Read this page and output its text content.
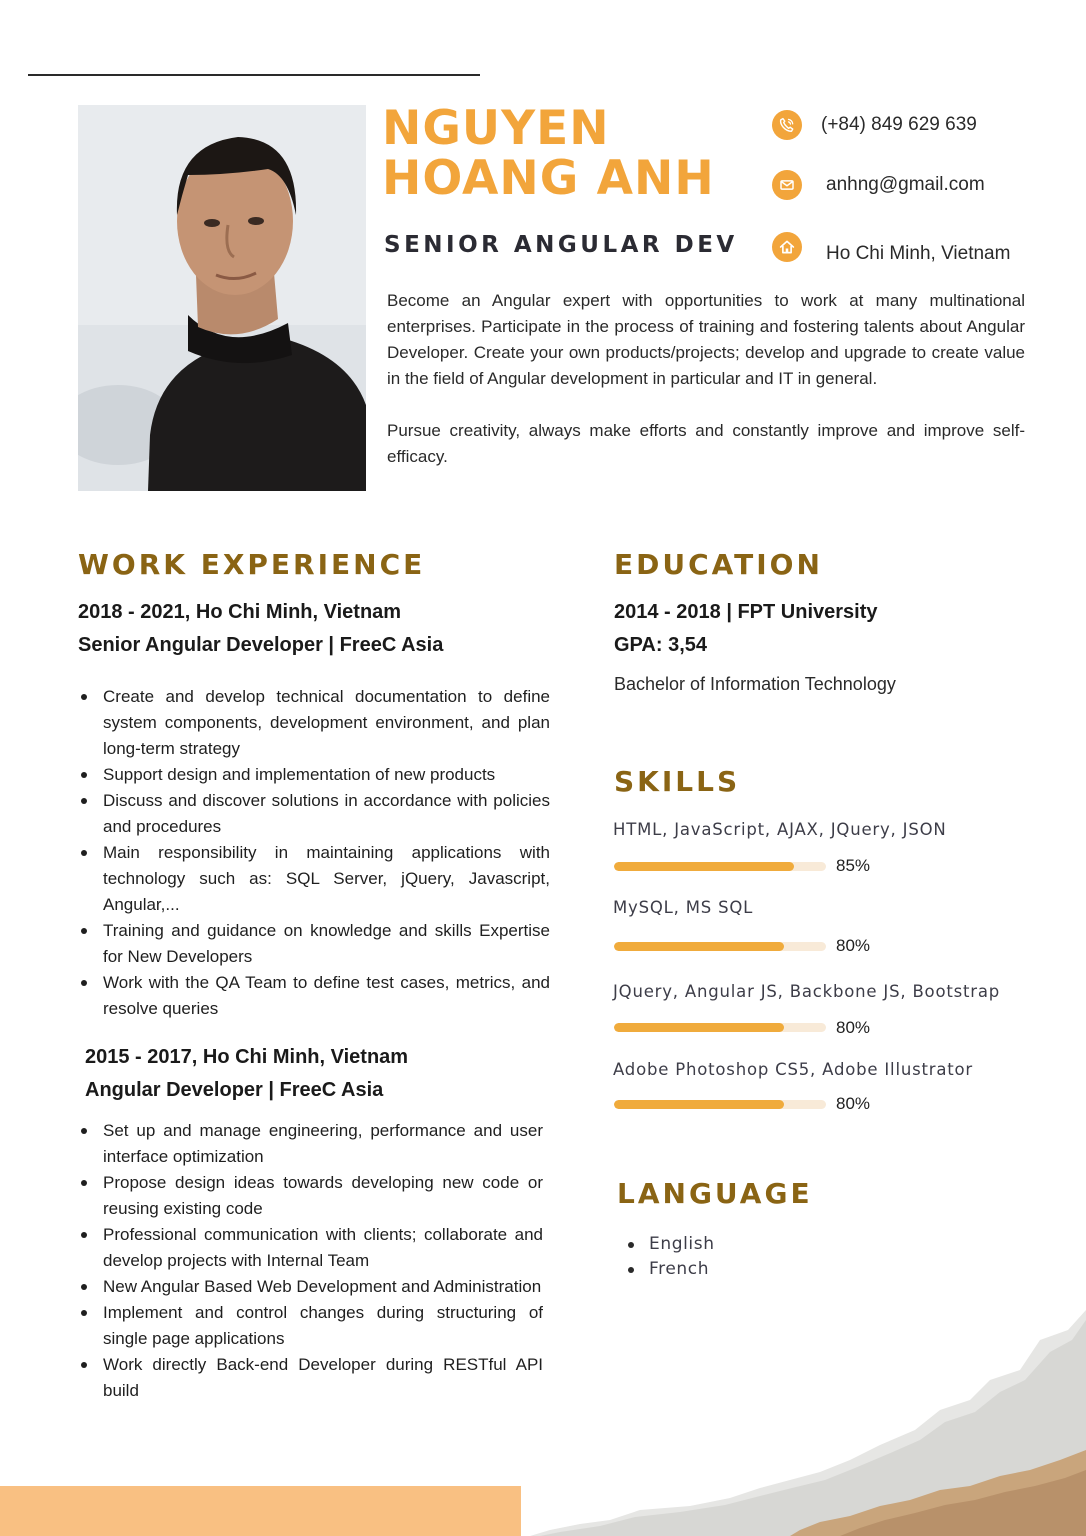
NGUYEN
HOANG ANH
SENIOR ANGULAR DEV
(+84) 849 629 639
anhng@gmail.com
Ho Chi Minh, Vietnam

Become an Angular expert with opportunities to work at many multinational enterprises. Participate in the process of training and fostering talents about Angular Developer. Create your own products/projects; develop and upgrade to create value in the field of Angular development in particular and IT in general.

Pursue creativity, always make efforts and constantly improve and improve self-efficacy.

WORK EXPERIENCE
2018 - 2021, Ho Chi Minh, Vietnam
Senior Angular Developer | FreeC Asia
Create and develop technical documentation to define system components, development environment, and plan long-term strategy
Support design and implementation of new products
Discuss and discover solutions in accordance with policies and procedures
Main responsibility in maintaining applications with technology such as: SQL Server, jQuery, Javascript, Angular,...
Training and guidance on knowledge and skills Expertise for New Developers
Work with the QA Team to define test cases, metrics, and resolve queries
2015 - 2017, Ho Chi Minh, Vietnam
Angular Developer | FreeC Asia
Set up and manage engineering, performance and user interface optimization
Propose design ideas towards developing new code or reusing existing code
Professional communication with clients; collaborate and develop projects with Internal Team
New Angular Based Web Development and Administration
Implement and control changes during structuring of single page applications
Work directly Back-end Developer during RESTful API build
EDUCATION
2014 - 2018 | FPT University
GPA: 3,54
Bachelor of Information Technology
SKILLS
HTML, JavaScript, AJAX, JQuery, JSON
85%
MySQL, MS SQL
80%
JQuery, Angular JS, Backbone JS, Bootstrap
80%
Adobe Photoshop CS5, Adobe Illustrator
80%
LANGUAGE
English
French
